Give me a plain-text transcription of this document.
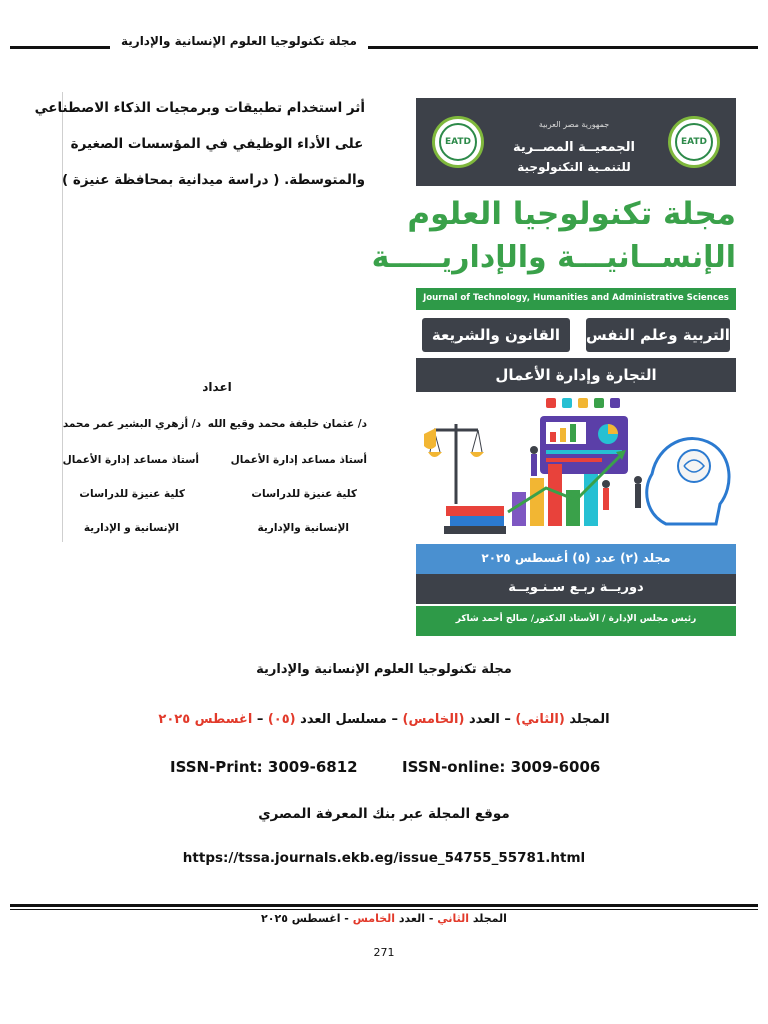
مجلة تكنولوجيا العلوم الإنسانية والإدارية
أثر استخدام تطبيقات وبرمجيات الذكاء الاصطناعي
على الأداء الوظيفي في المؤسسات الصغيرة
والمتوسطة. ( دراسة ميدانية بمحافظة عنيزة )
اعداد
د/ عثمان خليفة محمد وقيع الله
د/ أزهري البشير عمر محمد
أستاذ مساعد إدارة الأعمال
أستاذ مساعد إدارة الأعمال
كلية عنيزة للدراسات
كلية عنيزة للدراسات
الإنسانية والإدارية
الإنسانية و الإدارية
EATD	EATD
جمهورية مصر العربية
الجمعيــة المصــرية
للتنمـية التكنولوجية
مجلة تكنولوجيا العلوم
الإنســانيـــة والإداريـــــة
Journal of Technology, Humanities and Administrative Sciences
التربية وعلم النفس
القانون والشريعة
التجارة وإدارة الأعمال
مجلد (٢) عدد (٥) أغسطس ٢٠٢٥
دوريــة ربـع سـنـويــة
رئيس مجلس الإدارة / الأستاذ الدكتور/ صالح أحمد شاكر
مجلة تكنولوجيا العلوم الإنسانية والإدارية
المجلد (الثاني) – العدد (الخامس) – مسلسل العدد (٠٥) – اغسطس ٢٠٢٥
ISSN-Print: 3009-6812	ISSN-online: 3009-6006
موقع المجلة عبر بنك المعرفة المصري
https://tssa.journals.ekb.eg/issue_54755_55781.html
المجلد الثاني - العدد الخامس - اغسطس ٢٠٢٥
271
